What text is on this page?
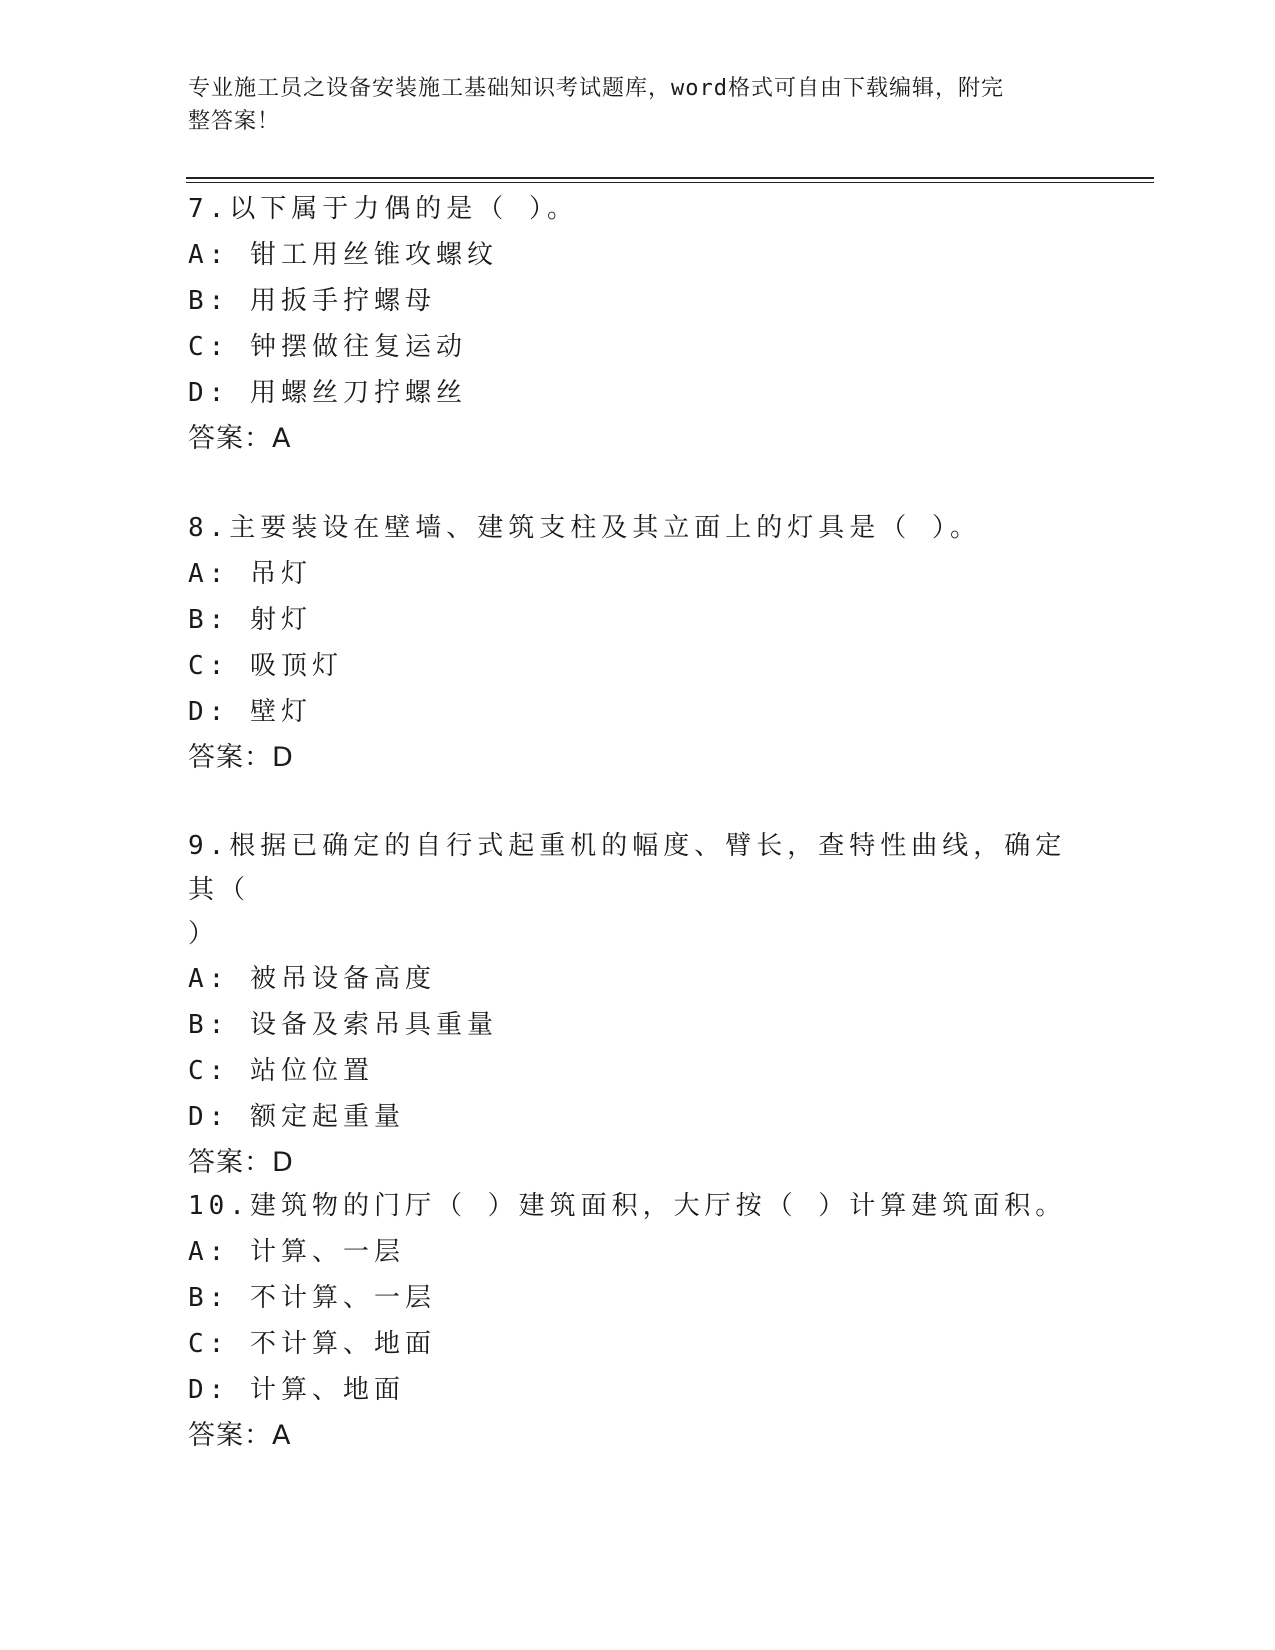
专业施工员之设备安装施工基础知识考试题库，word格式可自由下载编辑，附完
整答案！
7.以下属于力偶的是（ ）。
A: 钳工用丝锥攻螺纹
B: 用扳手拧螺母
C: 钟摆做往复运动
D: 用螺丝刀拧螺丝
答案：A
8.主要装设在壁墙、建筑支柱及其立面上的灯具是（ ）。
A: 吊灯
B: 射灯
C: 吸顶灯
D: 壁灯
答案：D
9.根据已确定的自行式起重机的幅度、臂长，查特性曲线，确定其（
）
A: 被吊设备高度
B: 设备及索吊具重量
C: 站位位置
D: 额定起重量
答案：D
10.建筑物的门厅（ ）建筑面积，大厅按（ ）计算建筑面积。
A: 计算、一层
B: 不计算、一层
C: 不计算、地面
D: 计算、地面
答案：A
